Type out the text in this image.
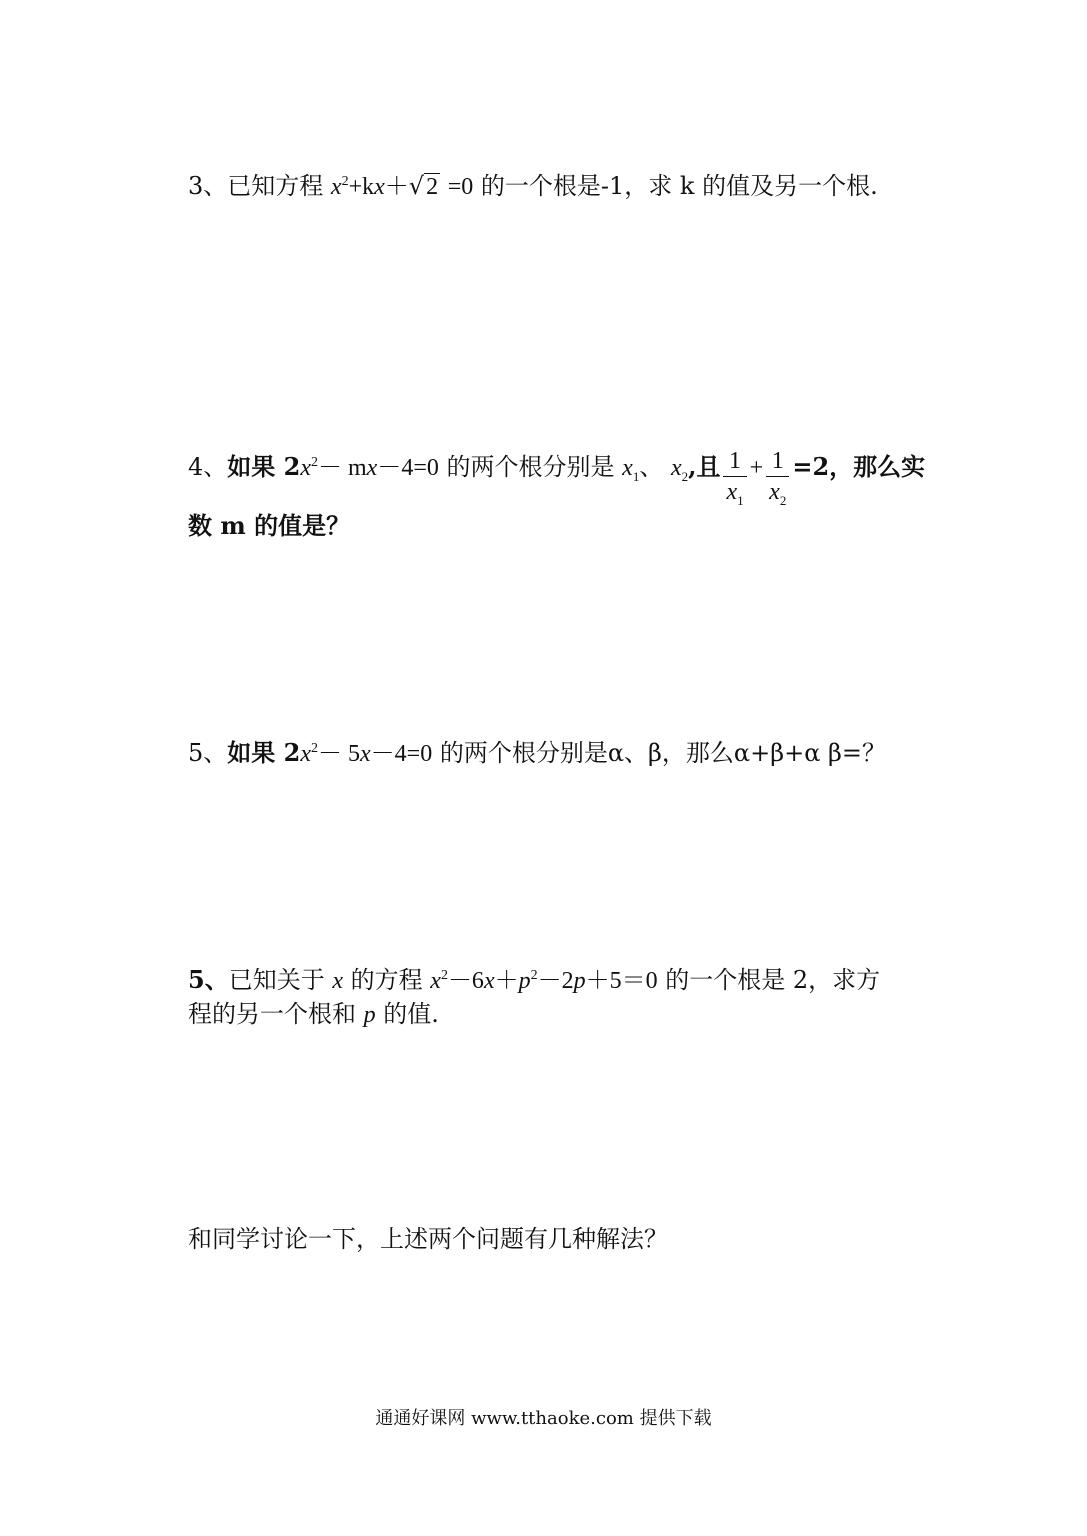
3、已知方程 $x^2+kx+√2 =0$ 的一个根是-1，求 k 的值及另一个根.
4、如果 $2x^2- mx-4=0$ 的两个根分别是 $x_1$、 $x_2$,且 $\frac{1}{x_1} + \frac{1}{x_2} =2$，那么实
数 m 的值是？
5、如果 $2x^2- 5x-4=0$ 的两个根分别是α、β，那么α+β+α β=？
5、已知关于 x 的方程 $x^2-6x+p^2-2p+5=0$ 的一个根是 2，求方
程的另一个根和 p 的值.
和同学讨论一下，上述两个问题有几种解法？
通通好课网 www.tthaoke.com 提供下载
